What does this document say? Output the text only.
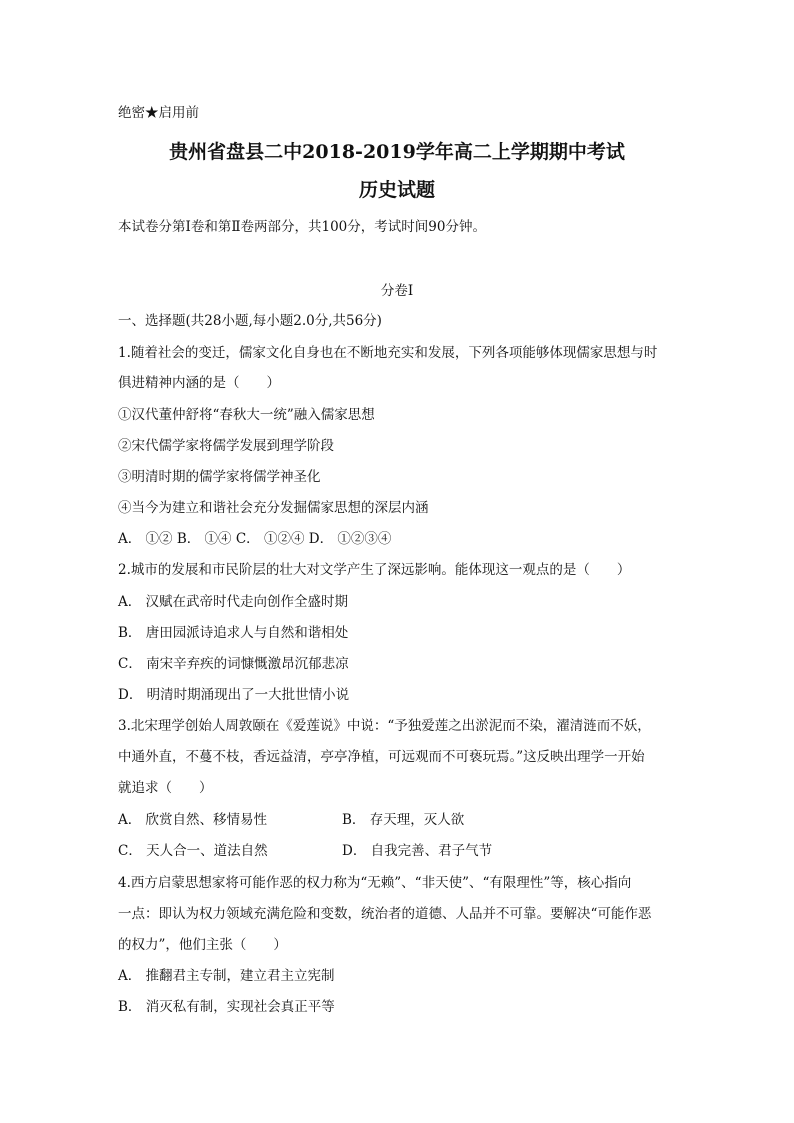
绝密★启用前
贵州省盘县二中2018-2019学年高二上学期期中考试
历史试题
本试卷分第Ⅰ卷和第Ⅱ卷两部分，共100分，考试时间90分钟。
分卷I
一、选择题(共28小题,每小题2.0分,共56分)
1.随着社会的变迁，儒家文化自身也在不断地充实和发展，下列各项能够体现儒家思想与时
俱进精神内涵的是（　　）
①汉代董仲舒将“春秋大一统”融入儒家思想
②宋代儒学家将儒学发展到理学阶段
③明清时期的儒学家将儒学神圣化
④当今为建立和谐社会充分发掘儒家思想的深层内涵
A． ①② B． ①④ C． ①②④ D． ①②③④
2.城市的发展和市民阶层的壮大对文学产生了深远影响。能体现这一观点的是（　　）
A． 汉赋在武帝时代走向创作全盛时期
B． 唐田园派诗追求人与自然和谐相处
C． 南宋辛弃疾的词慷慨激昂沉郁悲凉
D． 明清时期涌现出了一大批世情小说
3.北宋理学创始人周敦颐在《爱莲说》中说：“予独爱莲之出淤泥而不染，濯清涟而不妖，
中通外直，不蔓不枝，香远益清，亭亭净植，可远观而不可亵玩焉。”这反映出理学一开始
就追求（　　）
A． 欣赏自然、移情易性	B． 存天理，灭人欲
C． 天人合一、道法自然	D． 自我完善、君子气节
4.西方启蒙思想家将可能作恶的权力称为“无赖”、“非天使”、“有限理性”等，核心指向
一点：即认为权力领域充满危险和变数，统治者的道德、人品并不可靠。要解决“可能作恶
的权力”，他们主张（　　）
A． 推翻君主专制，建立君主立宪制
B． 消灭私有制，实现社会真正平等
